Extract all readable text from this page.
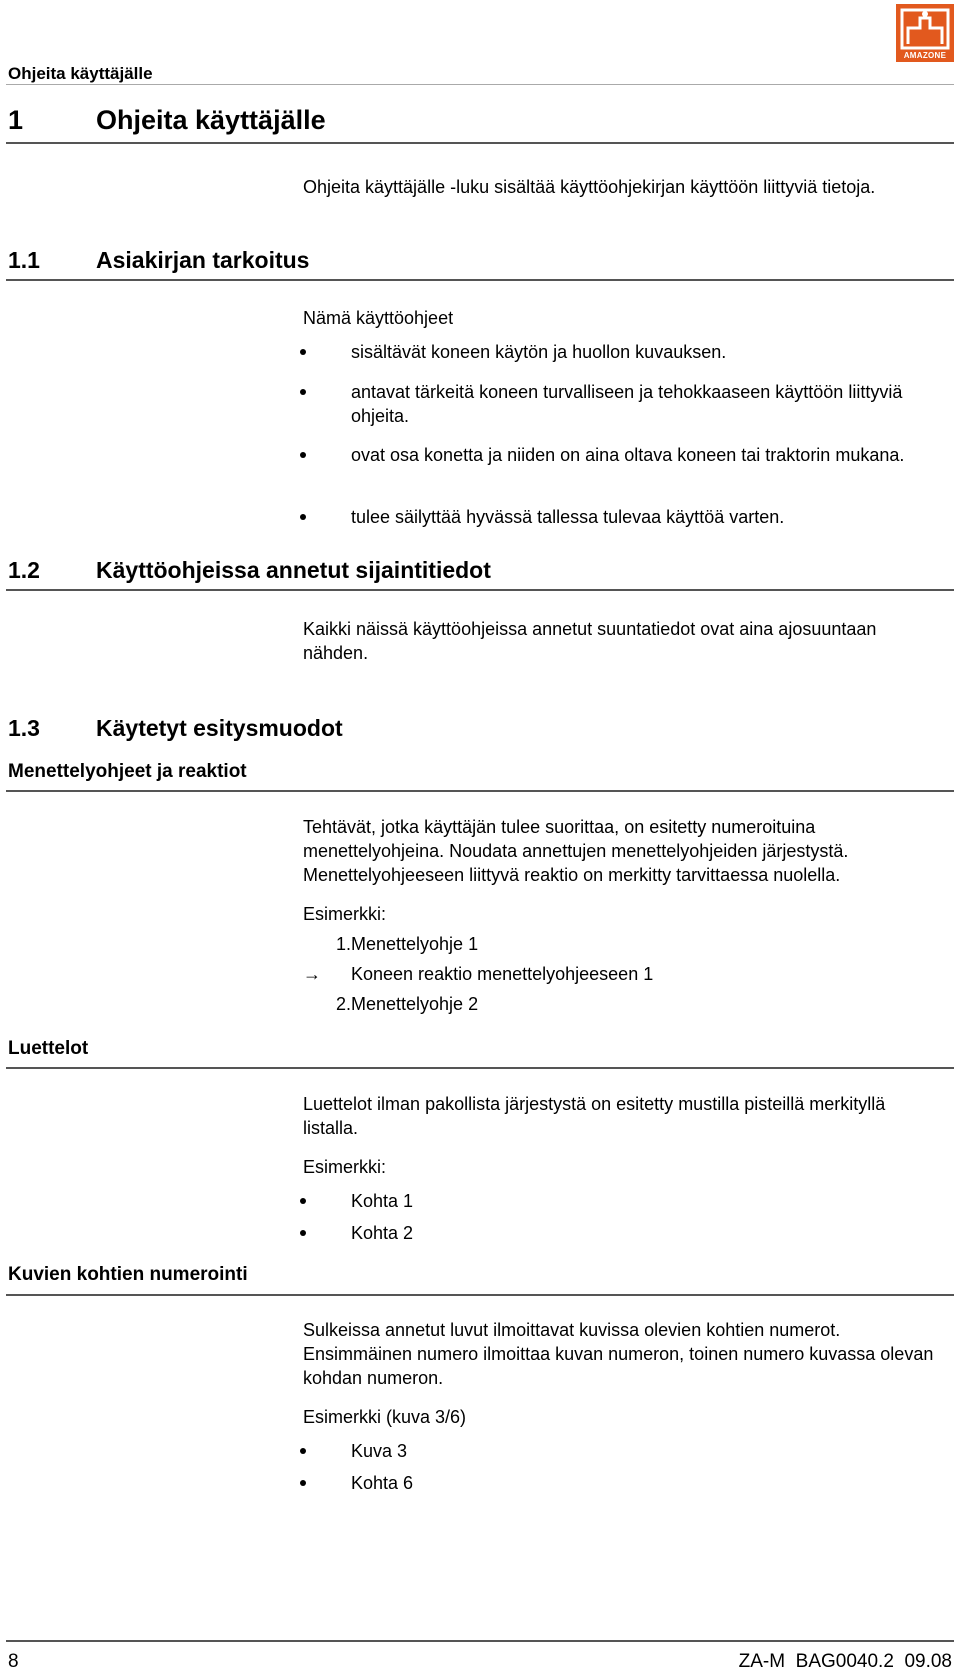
Ohjeita käyttäjälle
AMAZONE
1	Ohjeita käyttäjälle
Ohjeita käyttäjälle -luku sisältää käyttöohjekirjan käyttöön liittyviä tietoja.
1.1 Asiakirjan tarkoitus
Nämä käyttöohjeet
sisältävät koneen käytön ja huollon kuvauksen.
antavat tärkeitä koneen turvalliseen ja tehokkaaseen käyttöön liittyviä ohjeita.
ovat osa konetta ja niiden on aina oltava koneen tai traktorin mukana.
tulee säilyttää hyvässä tallessa tulevaa käyttöä varten.
1.2 Käyttöohjeissa annetut sijaintitiedot
Kaikki näissä käyttöohjeissa annetut suuntatiedot ovat aina ajosuuntaan nähden.
1.3 Käytetyt esitysmuodot
Menettelyohjeet ja reaktiot
Tehtävät, jotka käyttäjän tulee suorittaa, on esitetty numeroituina menettelyohjeina. Noudata annettujen menettelyohjeiden järjestystä. Menettelyohjeeseen liittyvä reaktio on merkitty tarvittaessa nuolella.
Esimerkki:
1. Menettelyohje 1
→ Koneen reaktio menettelyohjeeseen 1
2. Menettelyohje 2
Luettelot
Luettelot ilman pakollista järjestystä on esitetty mustilla pisteillä merkityllä listalla.
Esimerkki:
Kohta 1
Kohta 2
Kuvien kohtien numerointi
Sulkeissa annetut luvut ilmoittavat kuvissa olevien kohtien numerot. Ensimmäinen numero ilmoittaa kuvan numeron, toinen numero kuvassa olevan kohdan numeron.
Esimerkki (kuva 3/6)
Kuva 3
Kohta 6
8	ZA-M  BAG0040.2  09.08
